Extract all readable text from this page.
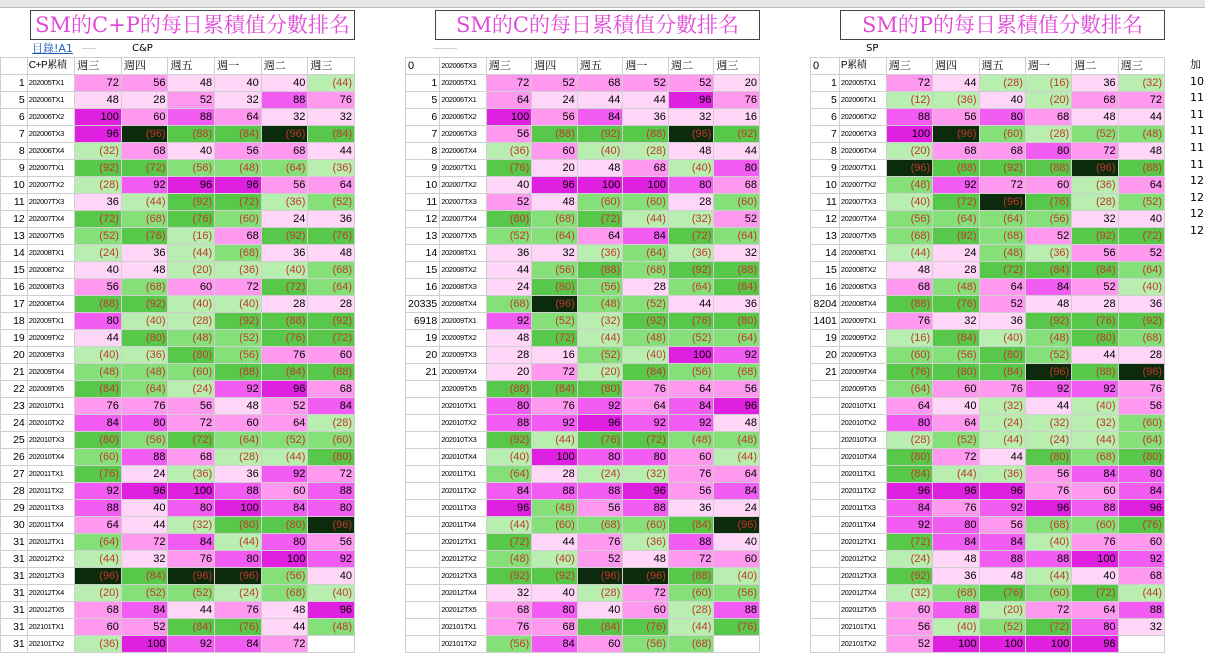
SM的C+P的每日累積值分數排名
目錄!A1 ──────	C&P
	C+P累積	週三	週四	週五	週一	週二	週三
1	202005TX1	72	56	48	40	40	(44)
5	202006TX1	48	28	52	32	88	76
6	202006TX2	100	60	88	64	32	32
7	202006TX3	96	(96)	(88)	(84)	(96)	(84)
8	202006TX4	(32)	68	40	56	68	44
9	202007TX1	(92)	(72)	(56)	(48)	(64)	(36)
10	202007TX2	(28)	92	96	96	56	64
11	202007TX3	36	(44)	(92)	(72)	(36)	(52)
12	202007TX4	(72)	(68)	(76)	(60)	24	36
13	202007TX5	(52)	(76)	(16)	68	(92)	(76)
14	202008TX1	(24)	36	(44)	(68)	36	48
15	202008TX2	40	48	(20)	(36)	(40)	(68)
16	202008TX3	56	(68)	60	72	(72)	(64)
17	202008TX4	(88)	(92)	(40)	(40)	28	28
18	202009TX1	80	(40)	(28)	(92)	(88)	(92)
19	202009TX2	44	(80)	(48)	(52)	(76)	(72)
20	202009TX3	(40)	(36)	(80)	(56)	76	60
21	202009TX4	(48)	(48)	(60)	(88)	(84)	(88)
22	202009TX5	(84)	(64)	(24)	92	96	68
23	202010TX1	76	76	56	48	52	84
24	202010TX2	84	80	72	60	64	(28)
25	202010TX3	(80)	(56)	(72)	(64)	(52)	(60)
26	202010TX4	(60)	88	68	(28)	(44)	(80)
27	202011TX1	(76)	24	(36)	36	92	72
28	202011TX2	92	96	100	88	60	88
29	202011TX3	88	40	80	100	84	80
30	202011TX4	64	44	(32)	(80)	(80)	(96)
31	202012TX1	(64)	72	84	(44)	80	56
31	202012TX2	(44)	32	76	80	100	92
31	202012TX3	(96)	(84)	(96)	(96)	(56)	40
31	202012TX4	(20)	(52)	(52)	(24)	(68)	(40)
31	202012TX5	68	84	44	76	48	96
31	202101TX1	60	52	(84)	(76)	44	(48)
31	202101TX2	(36)	100	92	84	72	
SM的C的每日累積值分數排名
──────────
0	202006TX3	週三	週四	週五	週一	週二	週三
1	202005TX1	72	52	68	52	52	20
5	202006TX1	64	24	44	44	96	76
6	202006TX2	100	56	84	36	32	16
7	202006TX3	56	(88)	(92)	(88)	(96)	(92)
8	202006TX4	(36)	60	(40)	(28)	48	44
9	202007TX1	(76)	20	48	68	(40)	80
10	202007TX2	40	96	100	100	80	68
11	202007TX3	52	48	(60)	(60)	28	(60)
12	202007TX4	(80)	(68)	(72)	(44)	(32)	52
13	202007TX5	(52)	(64)	64	84	(72)	(64)
14	202008TX1	36	32	(36)	(64)	(36)	32
15	202008TX2	44	(56)	(88)	(68)	(92)	(88)
16	202008TX3	24	(80)	(56)	28	(64)	(84)
20335	202008TX4	(68)	(96)	(48)	(52)	44	36
6918	202009TX1	92	(52)	(32)	(92)	(76)	(80)
19	202009TX2	48	(72)	(44)	(48)	(52)	(64)
20	202009TX3	28	16	(52)	(40)	100	92
21	202009TX4	20	72	(20)	(84)	(56)	(68)
	202009TX5	(88)	(84)	(80)	76	64	56
	202010TX1	80	76	92	64	84	96
	202010TX2	88	92	96	92	92	48
	202010TX3	(92)	(44)	(76)	(72)	(48)	(48)
	202010TX4	(40)	100	80	80	60	(44)
	202011TX1	(64)	28	(24)	(32)	76	64
	202011TX2	84	88	88	96	56	84
	202011TX3	96	(48)	56	88	36	24
	202011TX4	(44)	(60)	(68)	(60)	(84)	(96)
	202012TX1	(72)	44	76	(36)	88	40
	202012TX2	(48)	(40)	52	48	72	60
	202012TX3	(92)	(92)	(96)	(96)	(88)	(40)
	202012TX4	32	40	(28)	72	(60)	(56)
	202012TX5	68	80	40	60	(28)	88
	202101TX1	76	68	(84)	(76)	(44)	(76)
	202101TX2	(56)	84	60	(56)	(68)	
SM的P的每日累積值分數排名
SP
0	P累積	週三	週四	週五	週一	週二	週三
1	202005TX1	72	44	(28)	(16)	36	(32)
5	202006TX1	(12)	(36)	40	(20)	68	72
6	202006TX2	88	56	80	68	48	44
7	202006TX3	100	(96)	(60)	(28)	(52)	(48)
8	202006TX4	(20)	68	68	80	72	48
9	202007TX1	(96)	(88)	(92)	(88)	(96)	(88)
10	202007TX2	(48)	92	72	60	(36)	64
11	202007TX3	(40)	(72)	(96)	(76)	(28)	(52)
12	202007TX4	(56)	(64)	(64)	(56)	32	40
13	202007TX5	(68)	(92)	(68)	52	(92)	(72)
14	202008TX1	(44)	24	(48)	(36)	56	52
15	202008TX2	48	28	(72)	(84)	(84)	(64)
16	202008TX3	68	(48)	64	84	52	(40)
8204	202008TX4	(88)	(76)	52	48	28	36
1401	202009TX1	76	32	36	(92)	(76)	(92)
19	202009TX2	(16)	(84)	(40)	(48)	(80)	(68)
20	202009TX3	(60)	(56)	(80)	(52)	44	28
21	202009TX4	(76)	(80)	(84)	(96)	(88)	(96)
	202009TX5	(64)	60	76	92	92	76
	202010TX1	64	40	(32)	44	(40)	56
	202010TX2	80	64	(24)	(32)	(32)	(60)
	202010TX3	(28)	(52)	(44)	(24)	(44)	(64)
	202010TX4	(80)	72	44	(80)	(68)	(80)
	202011TX1	(84)	(44)	(36)	56	84	80
	202011TX2	96	96	96	76	60	84
	202011TX3	84	76	92	96	88	96
	202011TX4	92	80	56	(68)	(60)	(76)
	202012TX1	(72)	84	84	(40)	76	60
	202012TX2	(24)	48	88	88	100	92
	202012TX3	(92)	36	48	(44)	40	68
	202012TX4	(32)	(68)	(76)	(60)	(72)	(44)
	202012TX5	60	88	(20)	72	64	88
	202101TX1	56	(40)	(52)	(72)	80	32
	202101TX2	52	100	100	100	96	
加
10
11
11
11
11
11
12
12
12
12
